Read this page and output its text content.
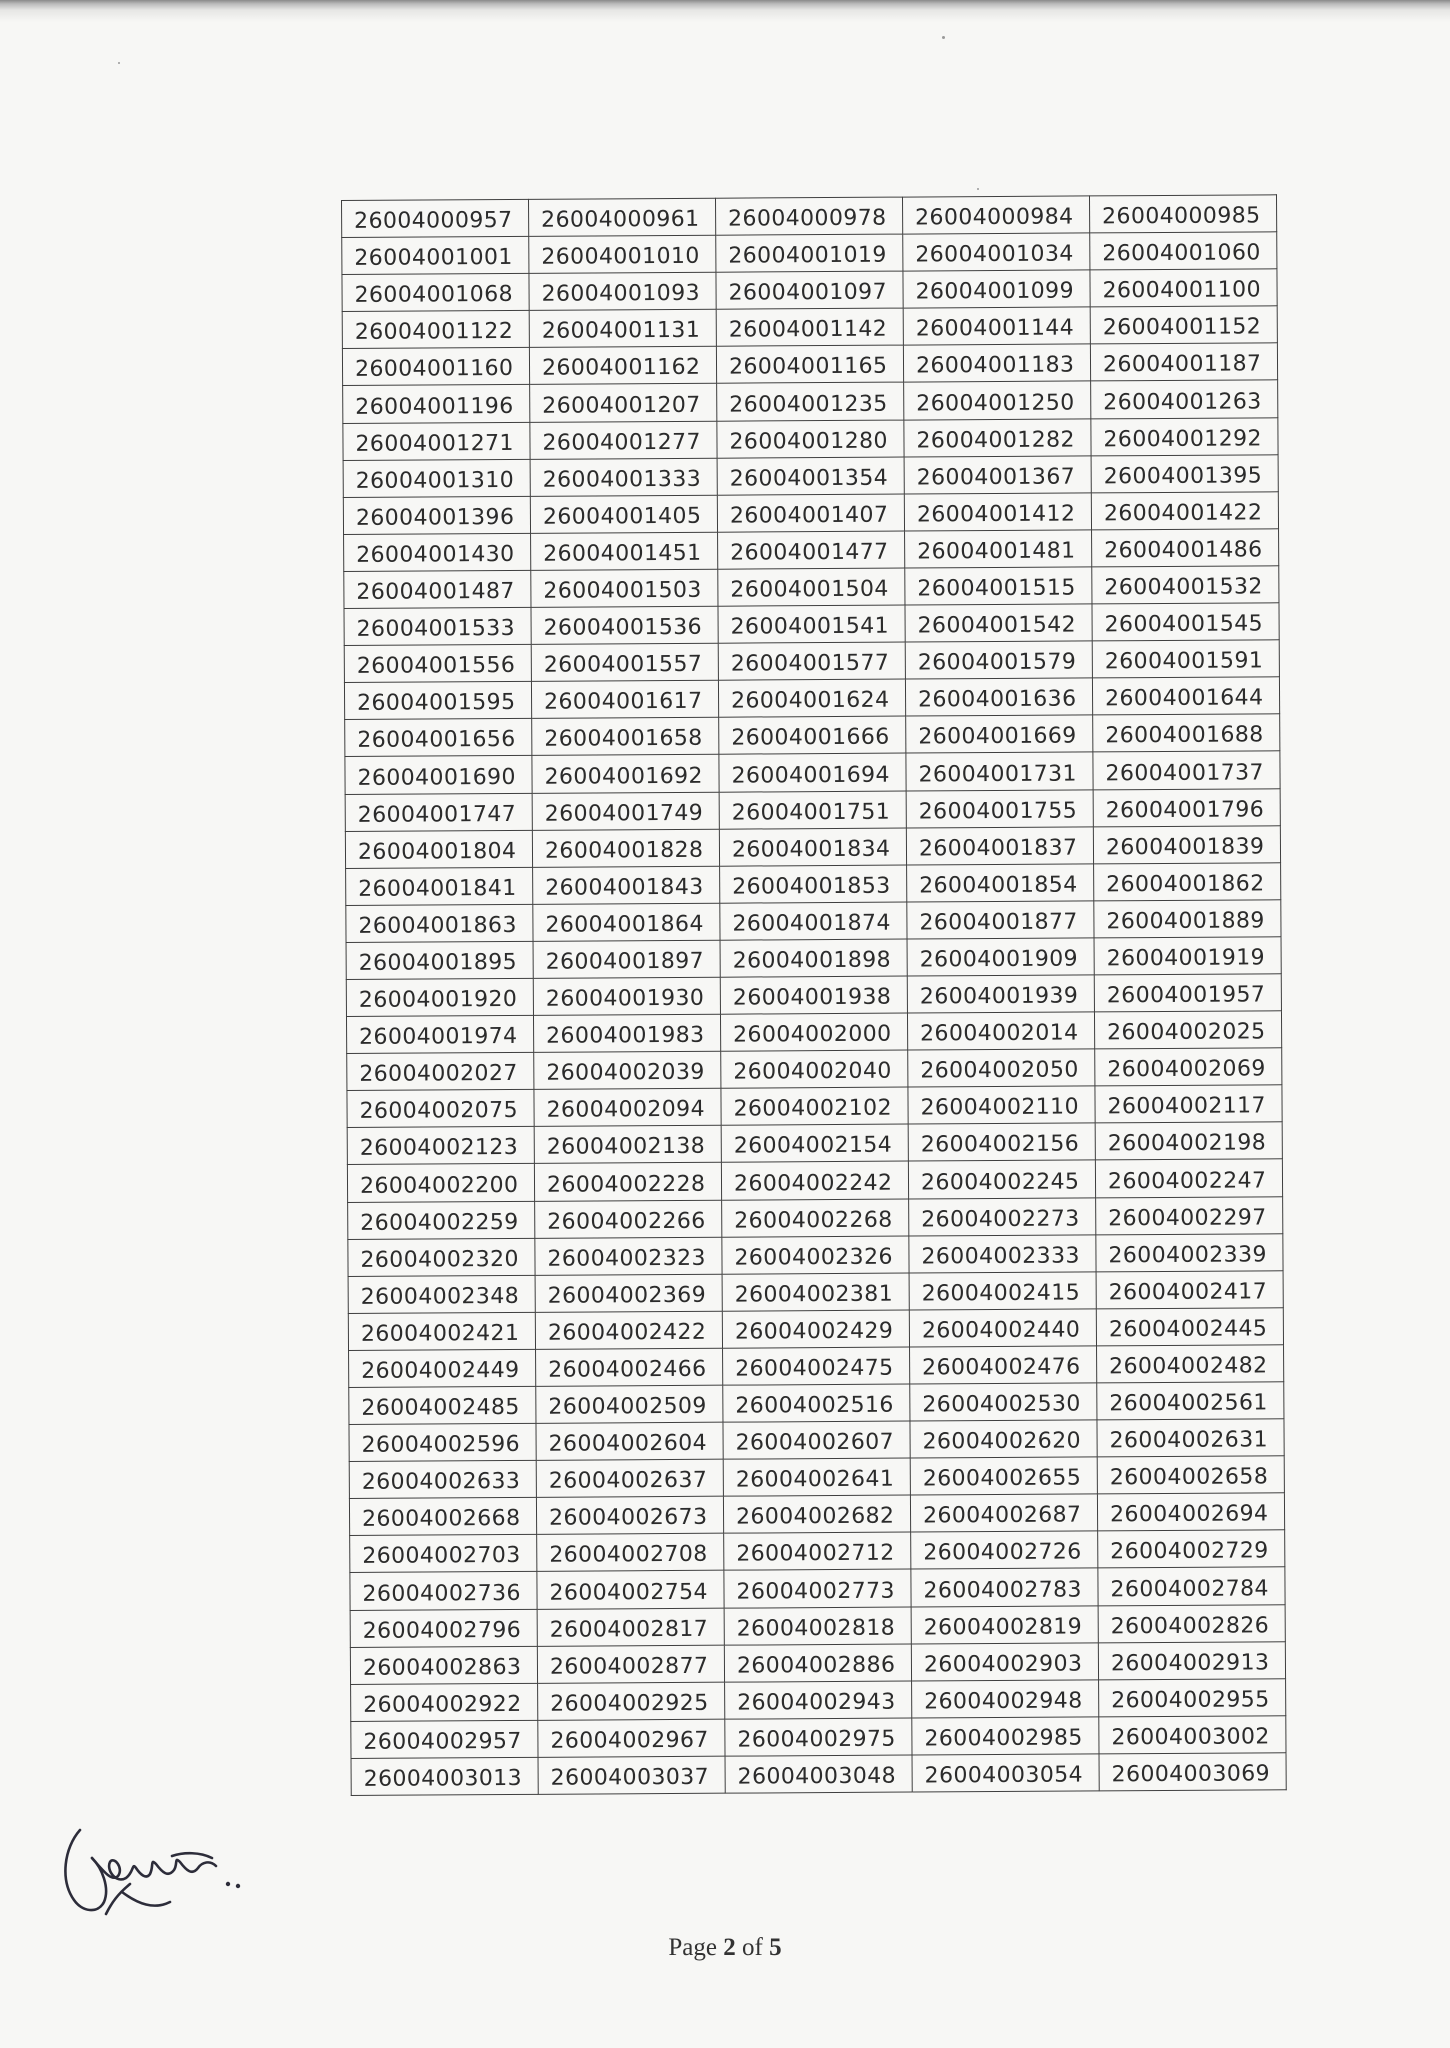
26004000957	26004000961	26004000978	26004000984	26004000985
26004001001	26004001010	26004001019	26004001034	26004001060
26004001068	26004001093	26004001097	26004001099	26004001100
26004001122	26004001131	26004001142	26004001144	26004001152
26004001160	26004001162	26004001165	26004001183	26004001187
26004001196	26004001207	26004001235	26004001250	26004001263
26004001271	26004001277	26004001280	26004001282	26004001292
26004001310	26004001333	26004001354	26004001367	26004001395
26004001396	26004001405	26004001407	26004001412	26004001422
26004001430	26004001451	26004001477	26004001481	26004001486
26004001487	26004001503	26004001504	26004001515	26004001532
26004001533	26004001536	26004001541	26004001542	26004001545
26004001556	26004001557	26004001577	26004001579	26004001591
26004001595	26004001617	26004001624	26004001636	26004001644
26004001656	26004001658	26004001666	26004001669	26004001688
26004001690	26004001692	26004001694	26004001731	26004001737
26004001747	26004001749	26004001751	26004001755	26004001796
26004001804	26004001828	26004001834	26004001837	26004001839
26004001841	26004001843	26004001853	26004001854	26004001862
26004001863	26004001864	26004001874	26004001877	26004001889
26004001895	26004001897	26004001898	26004001909	26004001919
26004001920	26004001930	26004001938	26004001939	26004001957
26004001974	26004001983	26004002000	26004002014	26004002025
26004002027	26004002039	26004002040	26004002050	26004002069
26004002075	26004002094	26004002102	26004002110	26004002117
26004002123	26004002138	26004002154	26004002156	26004002198
26004002200	26004002228	26004002242	26004002245	26004002247
26004002259	26004002266	26004002268	26004002273	26004002297
26004002320	26004002323	26004002326	26004002333	26004002339
26004002348	26004002369	26004002381	26004002415	26004002417
26004002421	26004002422	26004002429	26004002440	26004002445
26004002449	26004002466	26004002475	26004002476	26004002482
26004002485	26004002509	26004002516	26004002530	26004002561
26004002596	26004002604	26004002607	26004002620	26004002631
26004002633	26004002637	26004002641	26004002655	26004002658
26004002668	26004002673	26004002682	26004002687	26004002694
26004002703	26004002708	26004002712	26004002726	26004002729
26004002736	26004002754	26004002773	26004002783	26004002784
26004002796	26004002817	26004002818	26004002819	26004002826
26004002863	26004002877	26004002886	26004002903	26004002913
26004002922	26004002925	26004002943	26004002948	26004002955
26004002957	26004002967	26004002975	26004002985	26004003002
26004003013	26004003037	26004003048	26004003054	26004003069
Page 2 of 5
